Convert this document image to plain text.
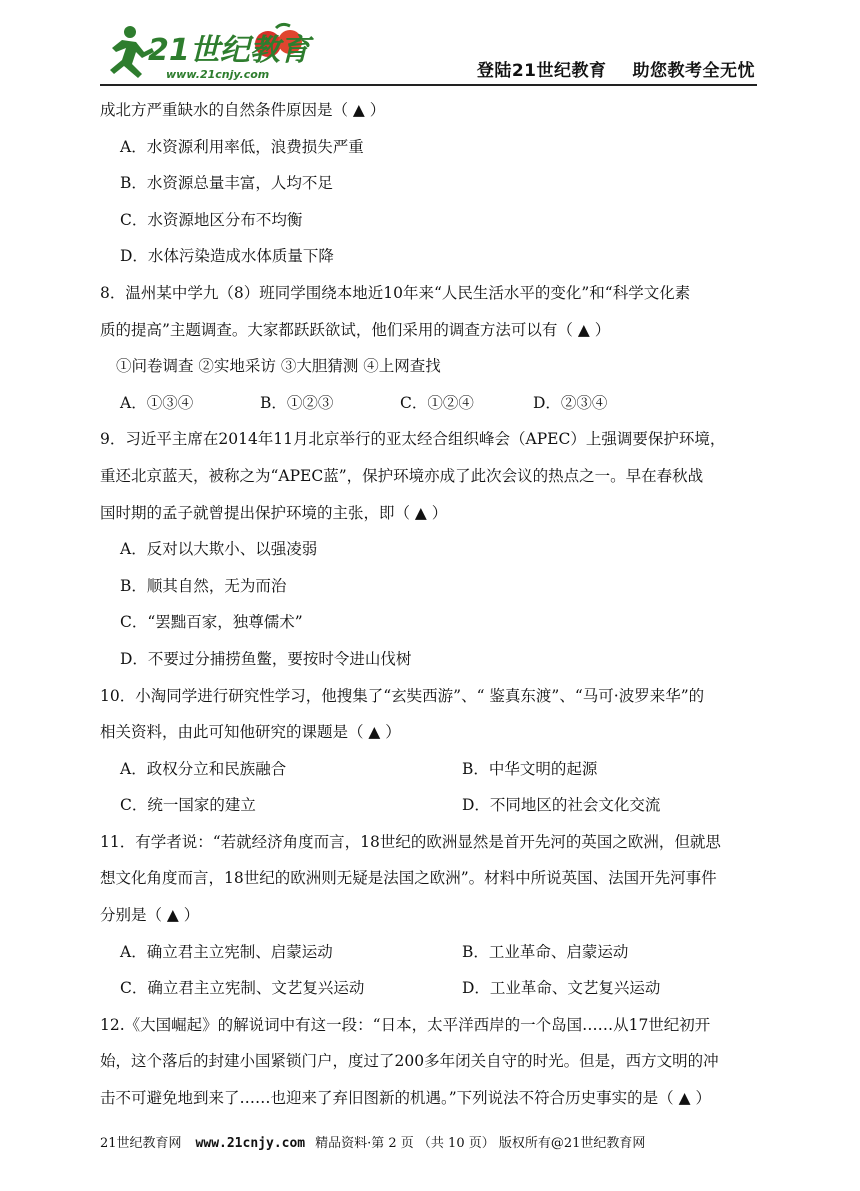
21世纪教育
www.21cnjy.com	登陆21世纪教育 助您教考全无忧
成北方严重缺水的自然条件原因是（ ▲ ）
A．水资源利用率低，浪费损失严重
B．水资源总量丰富，人均不足
C．水资源地区分布不均衡
D．水体污染造成水体质量下降
8．温州某中学九（8）班同学围绕本地近10年来“人民生活水平的变化”和“科学文化素
质的提高”主题调查。大家都跃跃欲试，他们采用的调查方法可以有（ ▲ ）
①问卷调查 ②实地采访 ③大胆猜测 ④上网查找
A．①③④	B．①②③	C．①②④	D．②③④
9．习近平主席在2014年11月北京举行的亚太经合组织峰会（APEC）上强调要保护环境，
重还北京蓝天，被称之为“APEC蓝”，保护环境亦成了此次会议的热点之一。早在春秋战
国时期的孟子就曾提出保护环境的主张，即（ ▲ ）
A．反对以大欺小、以强凌弱
B．顺其自然，无为而治
C．“罢黜百家，独尊儒术”
D．不要过分捕捞鱼鳖，要按时令进山伐树
10．小淘同学进行研究性学习，他搜集了“玄奘西游”、“ 鉴真东渡”、“马可·波罗来华”的
相关资料，由此可知他研究的课题是（ ▲ ）
A．政权分立和民族融合	B．中华文明的起源
C．统一国家的建立	D．不同地区的社会文化交流
11．有学者说：“若就经济角度而言，18世纪的欧洲显然是首开先河的英国之欧洲，但就思
想文化角度而言，18世纪的欧洲则无疑是法国之欧洲”。材料中所说英国、法国开先河事件
分别是（ ▲ ）
A．确立君主立宪制、启蒙运动	B．工业革命、启蒙运动
C．确立君主立宪制、文艺复兴运动	D．工业革命、文艺复兴运动
12.《大国崛起》的解说词中有这一段：“日本，太平洋西岸的一个岛国……从17世纪初开
始，这个落后的封建小国紧锁门户，度过了200多年闭关自守的时光。但是，西方文明的冲
击不可避免地到来了……也迎来了弃旧图新的机遇。”下列说法不符合历史事实的是（ ▲ ）
21世纪教育网 www.21cnjy.com 精品资料·第 2 页 （共 10 页） 版权所有@21世纪教育网
